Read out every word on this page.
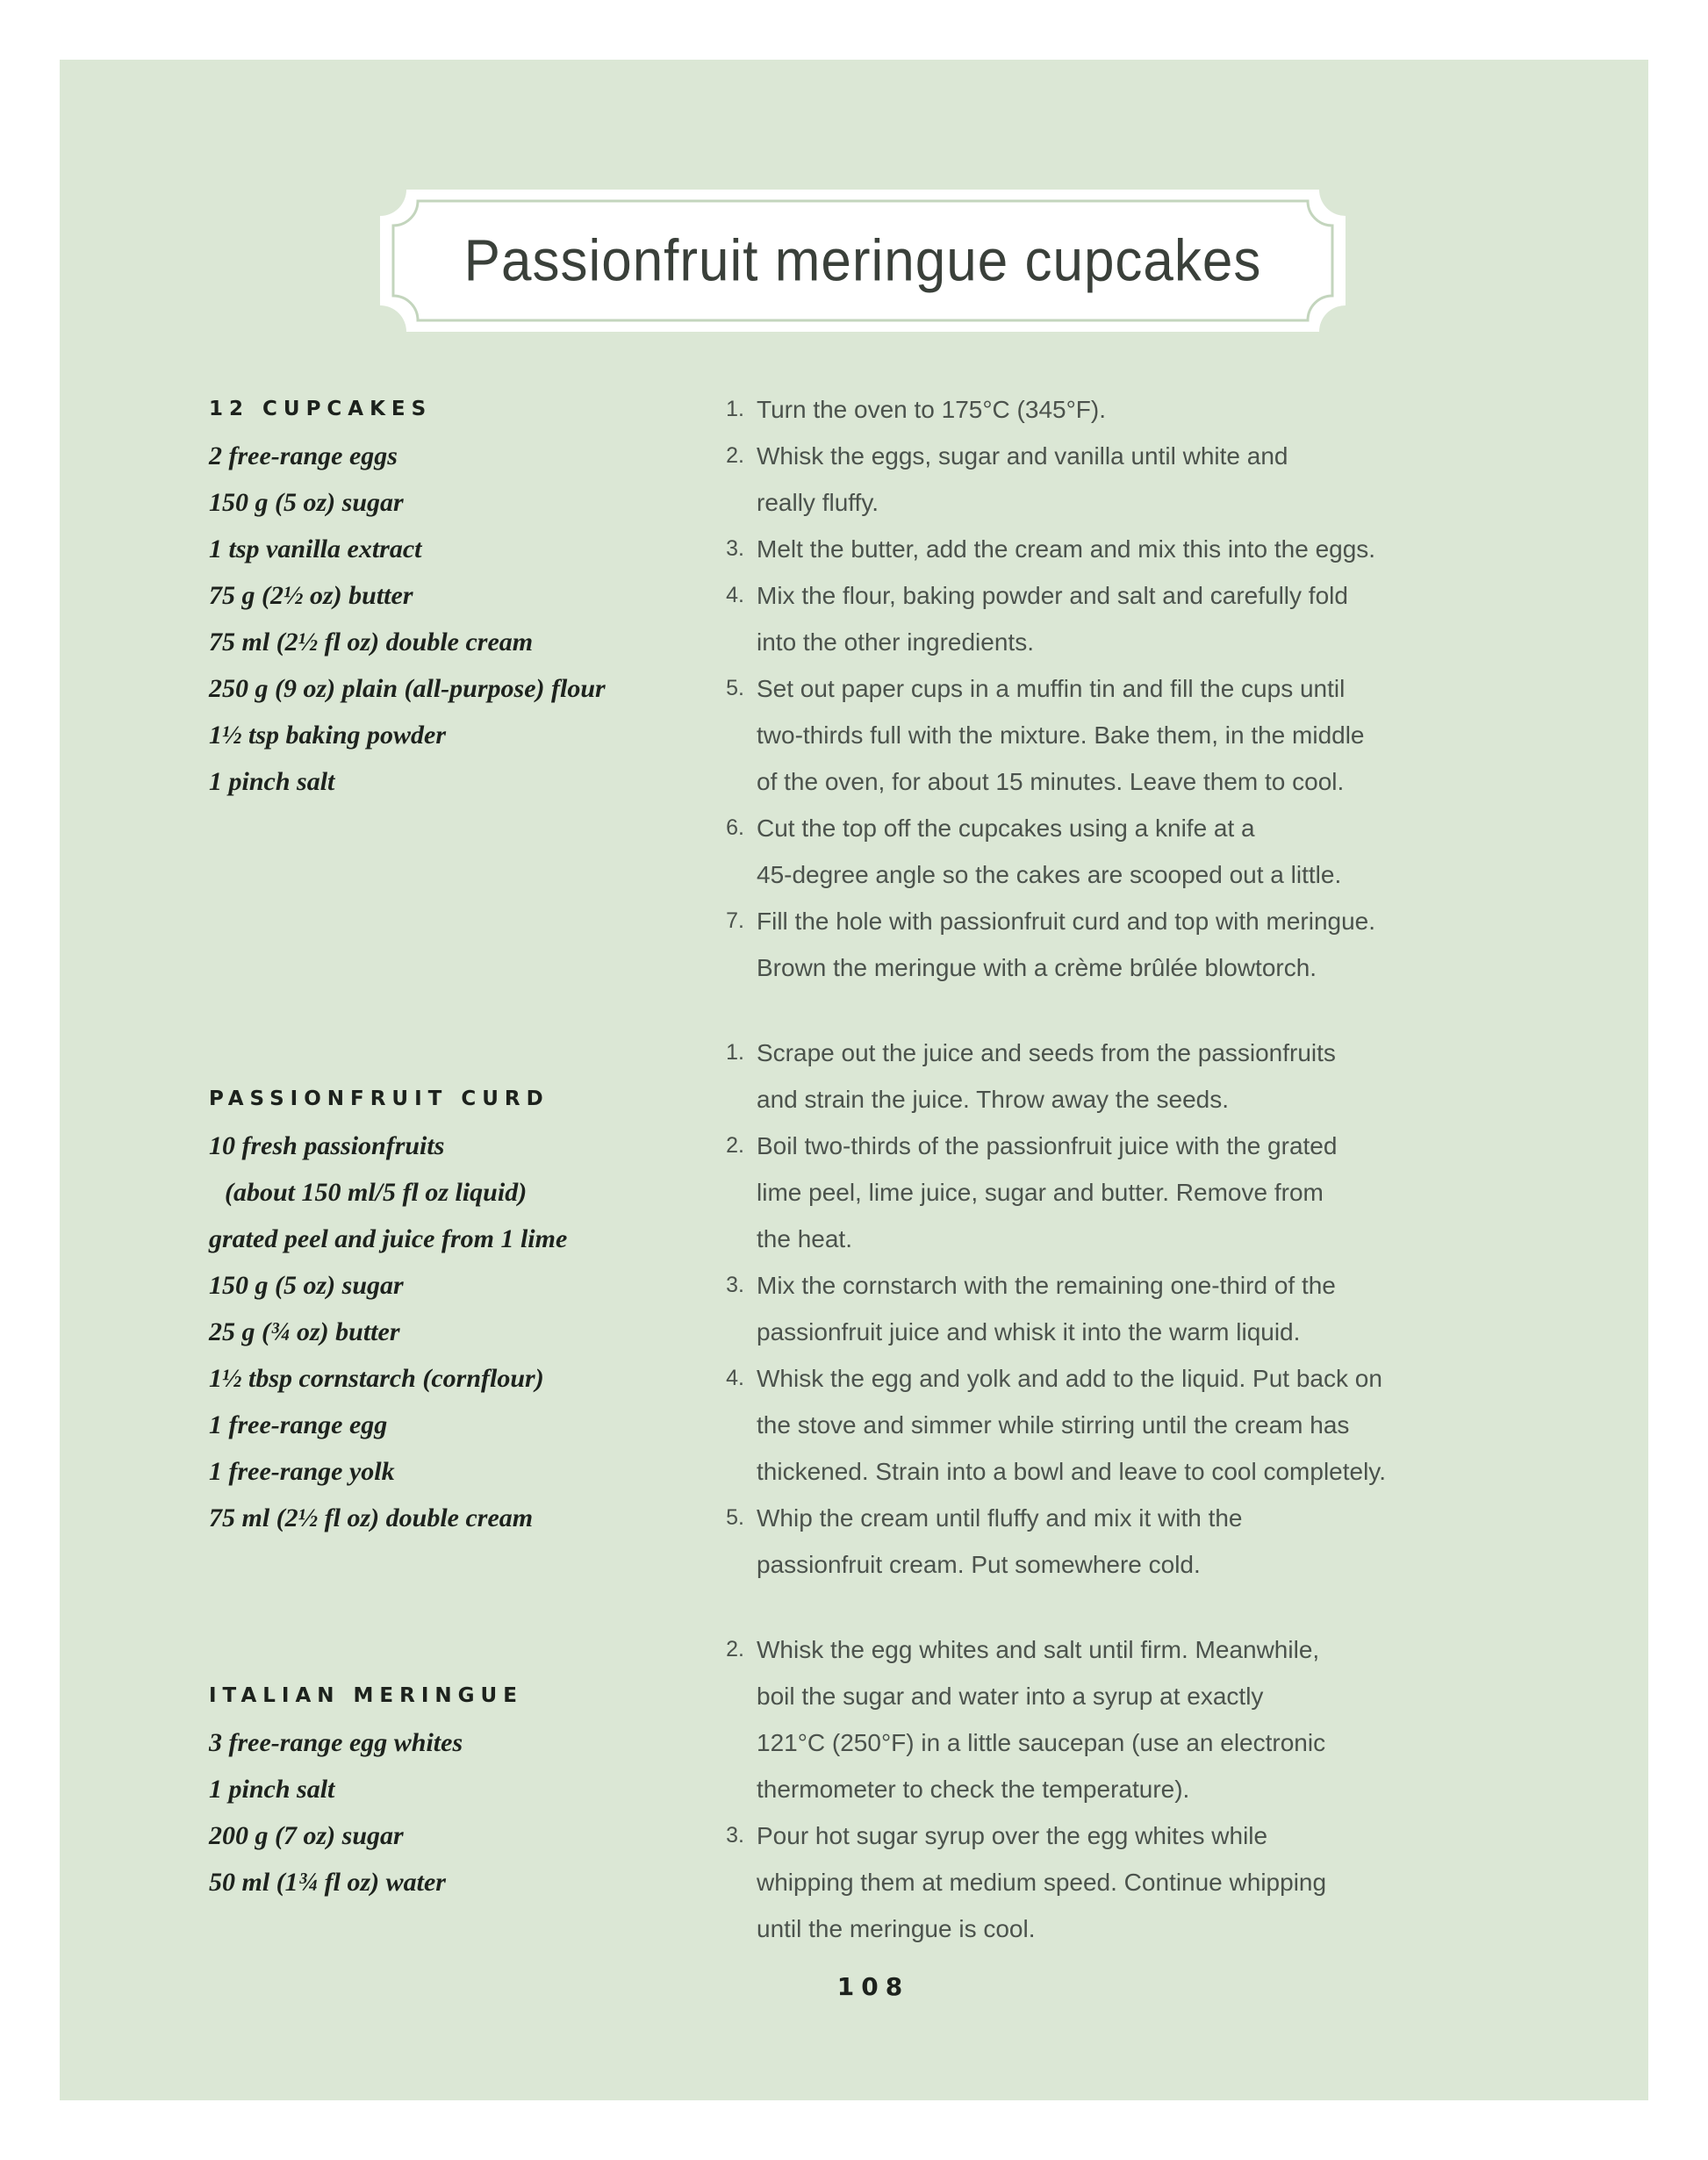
Passionfruit meringue cupcakes
12 CUPCAKES
2 free-range eggs
150 g (5 oz) sugar
1 tsp vanilla extract
75 g (2½ oz) butter
75 ml (2½ fl oz) double cream
250 g (9 oz) plain (all-purpose) flour
1½ tsp baking powder
1 pinch salt
1. Turn the oven to 175°C (345°F).
2. Whisk the eggs, sugar and vanilla until white and
really fluffy.
3. Melt the butter, add the cream and mix this into the eggs.
4. Mix the flour, baking powder and salt and carefully fold
into the other ingredients.
5. Set out paper cups in a muffin tin and fill the cups until
two-thirds full with the mixture. Bake them, in the middle
of the oven, for about 15 minutes. Leave them to cool.
6. Cut the top off the cupcakes using a knife at a
45-degree angle so the cakes are scooped out a little.
7. Fill the hole with passionfruit curd and top with meringue.
Brown the meringue with a crème brûlée blowtorch.
PASSIONFRUIT CURD
10 fresh passionfruits
(about 150 ml/5 fl oz liquid)
grated peel and juice from 1 lime
150 g (5 oz) sugar
25 g (¾ oz) butter
1½ tbsp cornstarch (cornflour)
1 free-range egg
1 free-range yolk
75 ml (2½ fl oz) double cream
1. Scrape out the juice and seeds from the passionfruits
and strain the juice. Throw away the seeds.
2. Boil two-thirds of the passionfruit juice with the grated
lime peel, lime juice, sugar and butter. Remove from
the heat.
3. Mix the cornstarch with the remaining one-third of the
passionfruit juice and whisk it into the warm liquid.
4. Whisk the egg and yolk and add to the liquid. Put back on
the stove and simmer while stirring until the cream has
thickened. Strain into a bowl and leave to cool completely.
5. Whip the cream until fluffy and mix it with the
passionfruit cream. Put somewhere cold.
ITALIAN MERINGUE
3 free-range egg whites
1 pinch salt
200 g (7 oz) sugar
50 ml (1¾ fl oz) water
2. Whisk the egg whites and salt until firm. Meanwhile,
boil the sugar and water into a syrup at exactly
121°C (250°F) in a little saucepan (use an electronic
thermometer to check the temperature).
3. Pour hot sugar syrup over the egg whites while
whipping them at medium speed. Continue whipping
until the meringue is cool.
108
